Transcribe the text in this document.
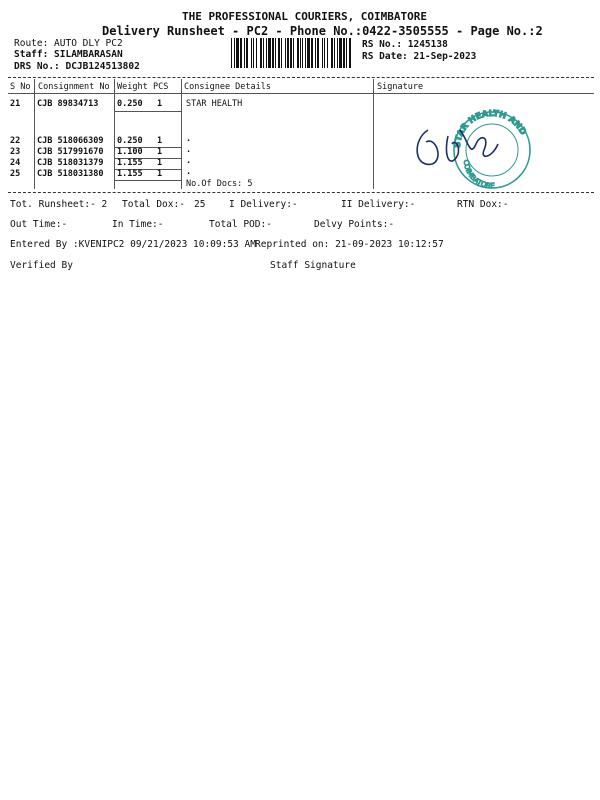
THE PROFESSIONAL COURIERS, COIMBATORE
Delivery Runsheet - PC2 - Phone No.:0422-3505555 - Page No.:2
Route: AUTO DLY PC2
Staff: SILAMBARASAN
DRS No.: DCJB124513802
RS No.: 1245138
RS Date: 21-Sep-2023
S No Consignment No Weight PCS Consignee Details	Signature
21 CJB 89834713 0.250 1	STAR HEALTH
22 CJB 518066309 0.250 1	.
23 CJB 517991670 1.100 1	.
24 CJB 518031379 1.155 1	.
25 CJB 518031380 1.155 1	.
No.Of Docs: 5
STAR HEALTH AND
COIMBATORE
Tot. Runsheet:- 2 Total Dox:- 25 I Delivery:-	II Delivery:-	RTN Dox:-
Out Time:-	In Time:-	Total POD:-	Delvy Points:-
Entered By :KVENIPC2 09/21/2023 10:09:53 AM Reprinted on: 21-09-2023 10:12:57
Verified By	Staff Signature
